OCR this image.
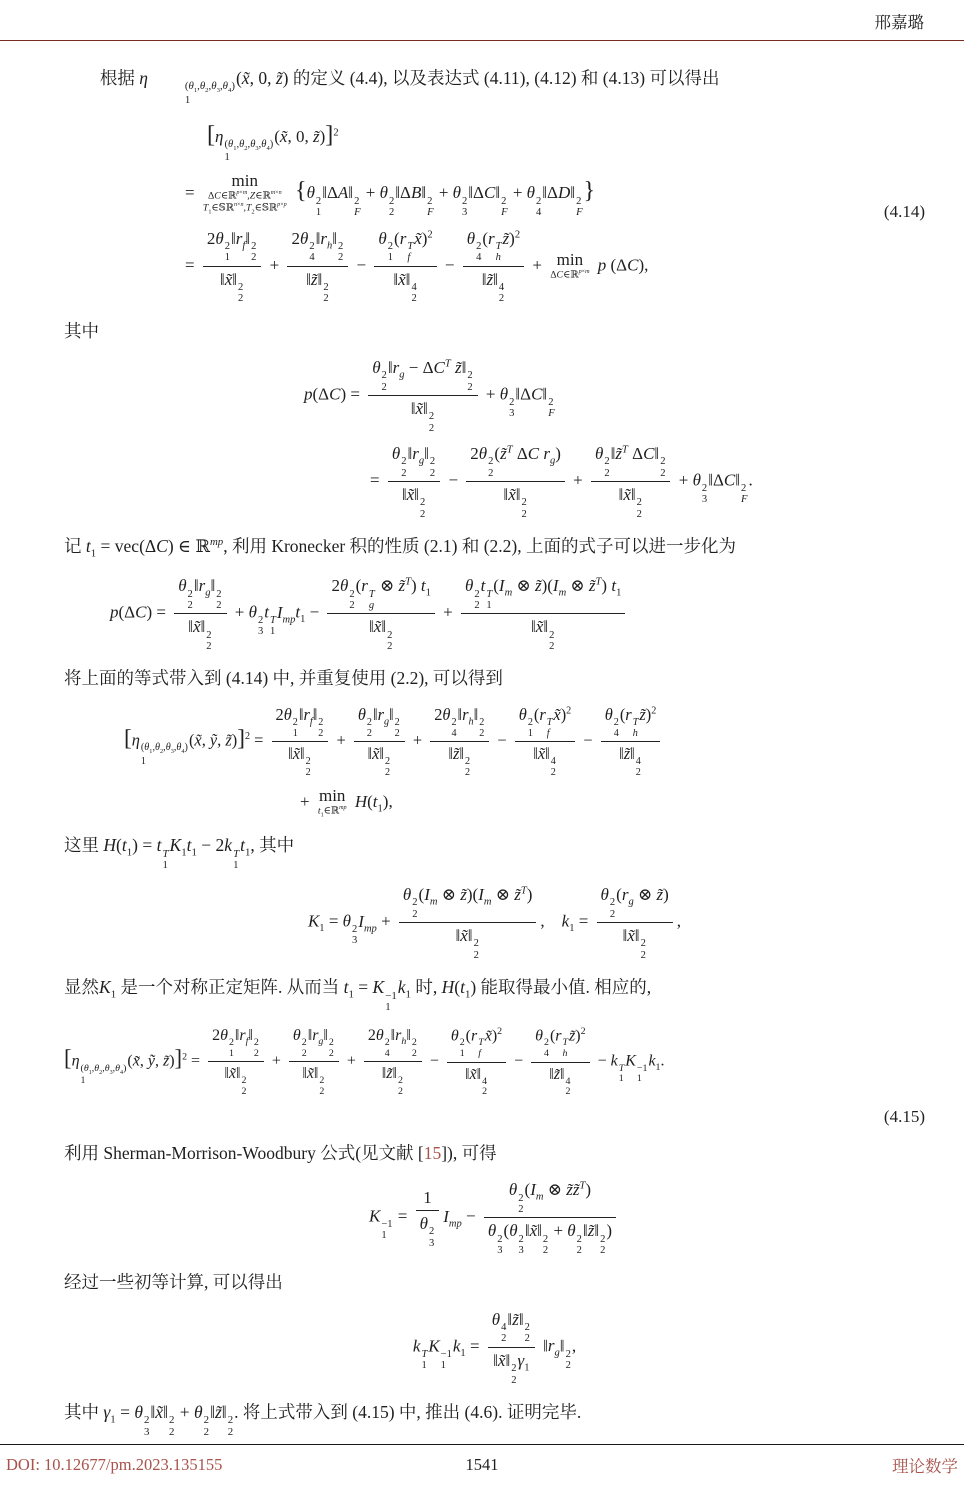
邢嘉璐

根据 η	$(\theta_1,\theta_2,\theta_3,\theta_4)$
1
(x̃, 0, z̃) 的定义 (4.4), 以及表达式 (4.11), (4.12) 和 (4.13) 可以得出

[η $(\theta_1,\theta_2,\theta_3,\theta_4)$
1
(x̃, 0, z̃)]$^2$
=
min
ΔC∈ℝ$^{p\times m}$,Z∈ℝ$^{m\times n}$
$T_1\in 𝕊ℝ^{n\times n},T_2\in 𝕊ℝ^{p\times p}$
{θ 2
1
‖ΔA‖ 2
F
+ θ 2
2
‖ΔB‖ 2
F
+ θ 2
3
‖ΔC‖ 2
F
+ θ 2
4
‖ΔD‖ 2
F
}
= 2θ 2
1
$‖r_f‖$ 2
2
‖x̃‖ 2
2 + 2θ 2
4
$‖r_h‖$ 2
2
‖z̃‖ 2
2 −
θ 2
1
(r T
f
x̃)$^2$
‖x̃‖ 4
2
−
θ 2
4
(r T
h
z̃)$^2$
‖z̃‖ 4
2
+ min
ΔC∈ℝ$^{p\times m}$ p (ΔC),
(4.14)

其中

p(ΔC) =
θ 2
2
$‖r_g - \Delta C^T$ z̃‖ 2
2
‖x̃‖ 2
2
+ θ 2
3
‖ΔC‖ 2
F
= θ 2
2
$‖r_g‖$ 2
2
‖x̃‖ 2
2 − 2θ 2
2
(z̃$^T$ ΔC $r_g$)
‖x̃‖ 2
2 + θ 2
2
‖z̃$^T$ ΔC‖ 2
2
‖x̃‖ 2
2 + θ 2
3
‖ΔC‖ 2
F
.

记 $t_1 = vec(\Delta C)$ ∈ ℝ$^{mp}$, 利用 Kronecker 积的性质 (2.1) 和 (2.2), 上面的式子可以进一步化为

p(ΔC) = θ 2
2
$‖r_g‖$ 2
2
‖x̃‖ 2
2 + θ 2
3
t T
1
$I_{mp}t_1$ −
2θ 2
2
(r T
g
⊗ z̃$^T$) $t_1$
‖x̃‖ 2
2
+ θ 2
2
t T
1
($I_m$ ⊗ $z̃)(I_m$ ⊗ z̃$^T$) $t_1$
‖x̃‖ 2
2

将上面的等式带入到 (4.14) 中, 并重复使用 (2.2), 可以得到

[η $(\theta_1,\theta_2,\theta_3,\theta_4)$
1
(x̃, ỹ, z̃)]$^2$ = 2θ 2
1
$‖r_f‖$ 2
2
‖x̃‖ 2
2 + θ 2
2
$‖r_g‖$ 2
2
‖x̃‖ 2
2 + 2θ 2
4
$‖r_h‖$ 2
2
‖z̃‖ 2
2 −
θ 2
1
(r T
f
x̃)$^2$
‖x̃‖ 4
2
−
θ 2
4
(r T
h
z̃)$^2$
‖z̃‖ 4
2
+ min
$t_1\in ℝ^{mp}$ $H(t_1)$,

这里 $H(t_1) = t$ T
1
$K_1t_1 - 2k$ T
1
$t_1$, 其中

$K_1 = \theta$ 2
3
$I_{mp} + \theta$ 2
2
($I_m$ ⊗ $z̃)(I_m$ ⊗ z̃$^T$)
‖x̃‖ 2
2 ,    $k_1 = \theta$ 2
2
($r_g$ ⊗ z̃)
‖x̃‖ 2
2 ,

显然$K_1$ 是一个对称正定矩阵. 从而当 $t_1 = K -1$
1
$k_1$ 时, $H(t_1)$ 能取得最小值. 相应的,

[η $(\theta_1,\theta_2,\theta_3,\theta_4)$
1
(x̃, ỹ, z̃)]$^2$ = 2θ 2
1
$‖r_f‖$ 2
2
‖x̃‖ 2
2 + θ 2
2
$‖r_g‖$ 2
2
‖x̃‖ 2
2 + 2θ 2
4
$‖r_h‖$ 2
2
‖z̃‖ 2
2 −
θ 2
1
(r T
f
x̃)$^2$
‖x̃‖ 4
2
−
θ 2
4
(r T
h
z̃)$^2$
‖z̃‖ 4
2
− k T
1
K −1
1
$k_1$.
(4.15)

利用 Sherman-Morrison-Woodbury 公式(见文献 [15]), 可得

K −1
1
= 1
θ 2
3 $I_{mp} - \theta$ 2
2
($I_m$ ⊗ z̃z̃$^T$)
θ 2
3
(θ 2
3
‖x̃‖ 2
2
+ θ 2
2
‖z̃‖ 2
2
)

经过一些初等计算, 可以得出

k T
1
K −1
1
$k_1 = \theta$ 4
2
‖z̃‖ 2
2
‖x̃‖ 2
2
$\gamma_1$ $‖r_g‖$ 2
2
,

其中 $\gamma_1 = \theta$ 2
3
‖x̃‖ 2
2
+ θ 2
2
‖z̃‖ 2
2
. 将上式带入到 (4.15) 中, 推出 (4.6). 证明完毕.

DOI: 10.12677/pm.2023.135155	1541	理论数学
